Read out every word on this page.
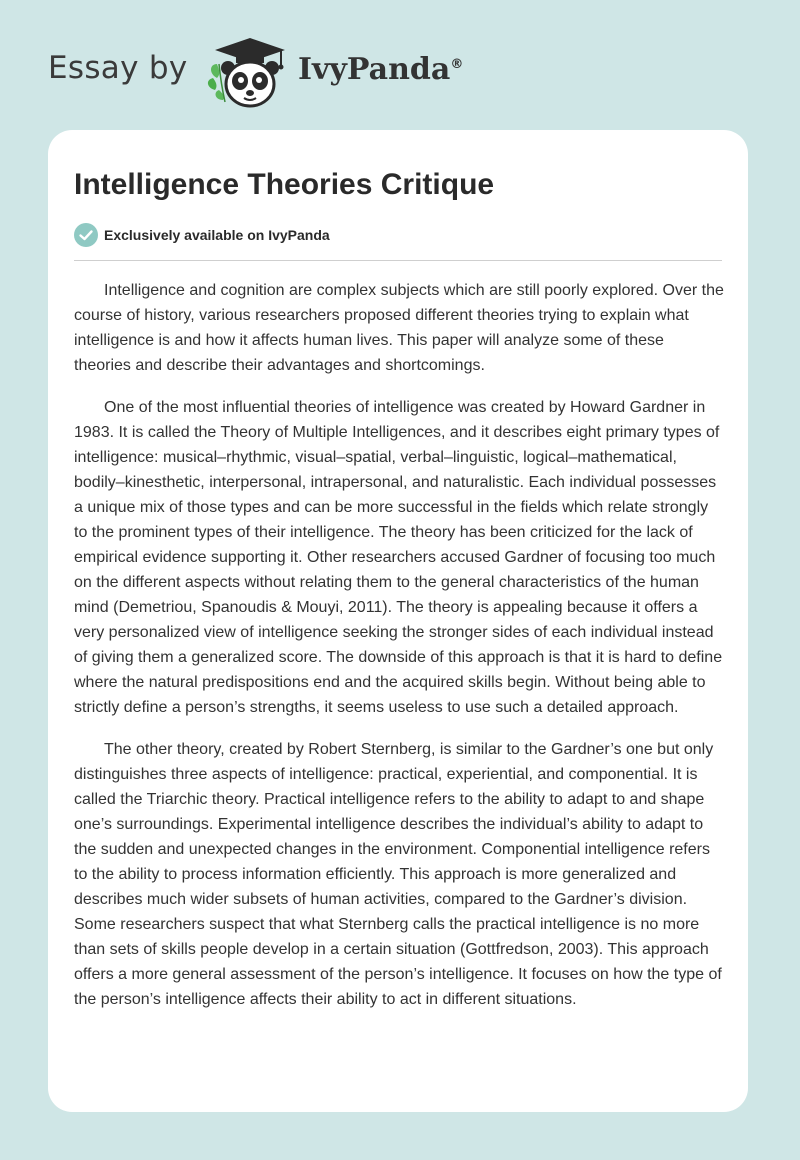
Essay by	IvyPanda®
Intelligence Theories Critique
Exclusively available on IvyPanda

Intelligence and cognition are complex subjects which are still poorly explored. Over the course of history, various researchers proposed different theories trying to explain what intelligence is and how it affects human lives. This paper will analyze some of these theories and describe their advantages and shortcomings.

One of the most influential theories of intelligence was created by Howard Gardner in 1983. It is called the Theory of Multiple Intelligences, and it describes eight primary types of intelligence: musical–rhythmic, visual–spatial, verbal–linguistic, logical–mathematical, bodily–kinesthetic, interpersonal, intrapersonal, and naturalistic. Each individual possesses a unique mix of those types and can be more successful in the fields which relate strongly to the prominent types of their intelligence. The theory has been criticized for the lack of empirical evidence supporting it. Other researchers accused Gardner of focusing too much on the different aspects without relating them to the general characteristics of the human mind (Demetriou, Spanoudis & Mouyi, 2011). The theory is appealing because it offers a very personalized view of intelligence seeking the stronger sides of each individual instead of giving them a generalized score. The downside of this approach is that it is hard to define where the natural predispositions end and the acquired skills begin. Without being able to strictly define a person’s strengths, it seems useless to use such a detailed approach.

The other theory, created by Robert Sternberg, is similar to the Gardner’s one but only distinguishes three aspects of intelligence: practical, experiential, and componential. It is called the Triarchic theory. Practical intelligence refers to the ability to adapt to and shape one’s surroundings. Experimental intelligence describes the individual’s ability to adapt to the sudden and unexpected changes in the environment. Componential intelligence refers to the ability to process information efficiently. This approach is more generalized and describes much wider subsets of human activities, compared to the Gardner’s division. Some researchers suspect that what Sternberg calls the practical intelligence is no more than sets of skills people develop in a certain situation (Gottfredson, 2003). This approach offers a more general assessment of the person’s intelligence. It focuses on how the type of the person’s intelligence affects their ability to act in different situations.
